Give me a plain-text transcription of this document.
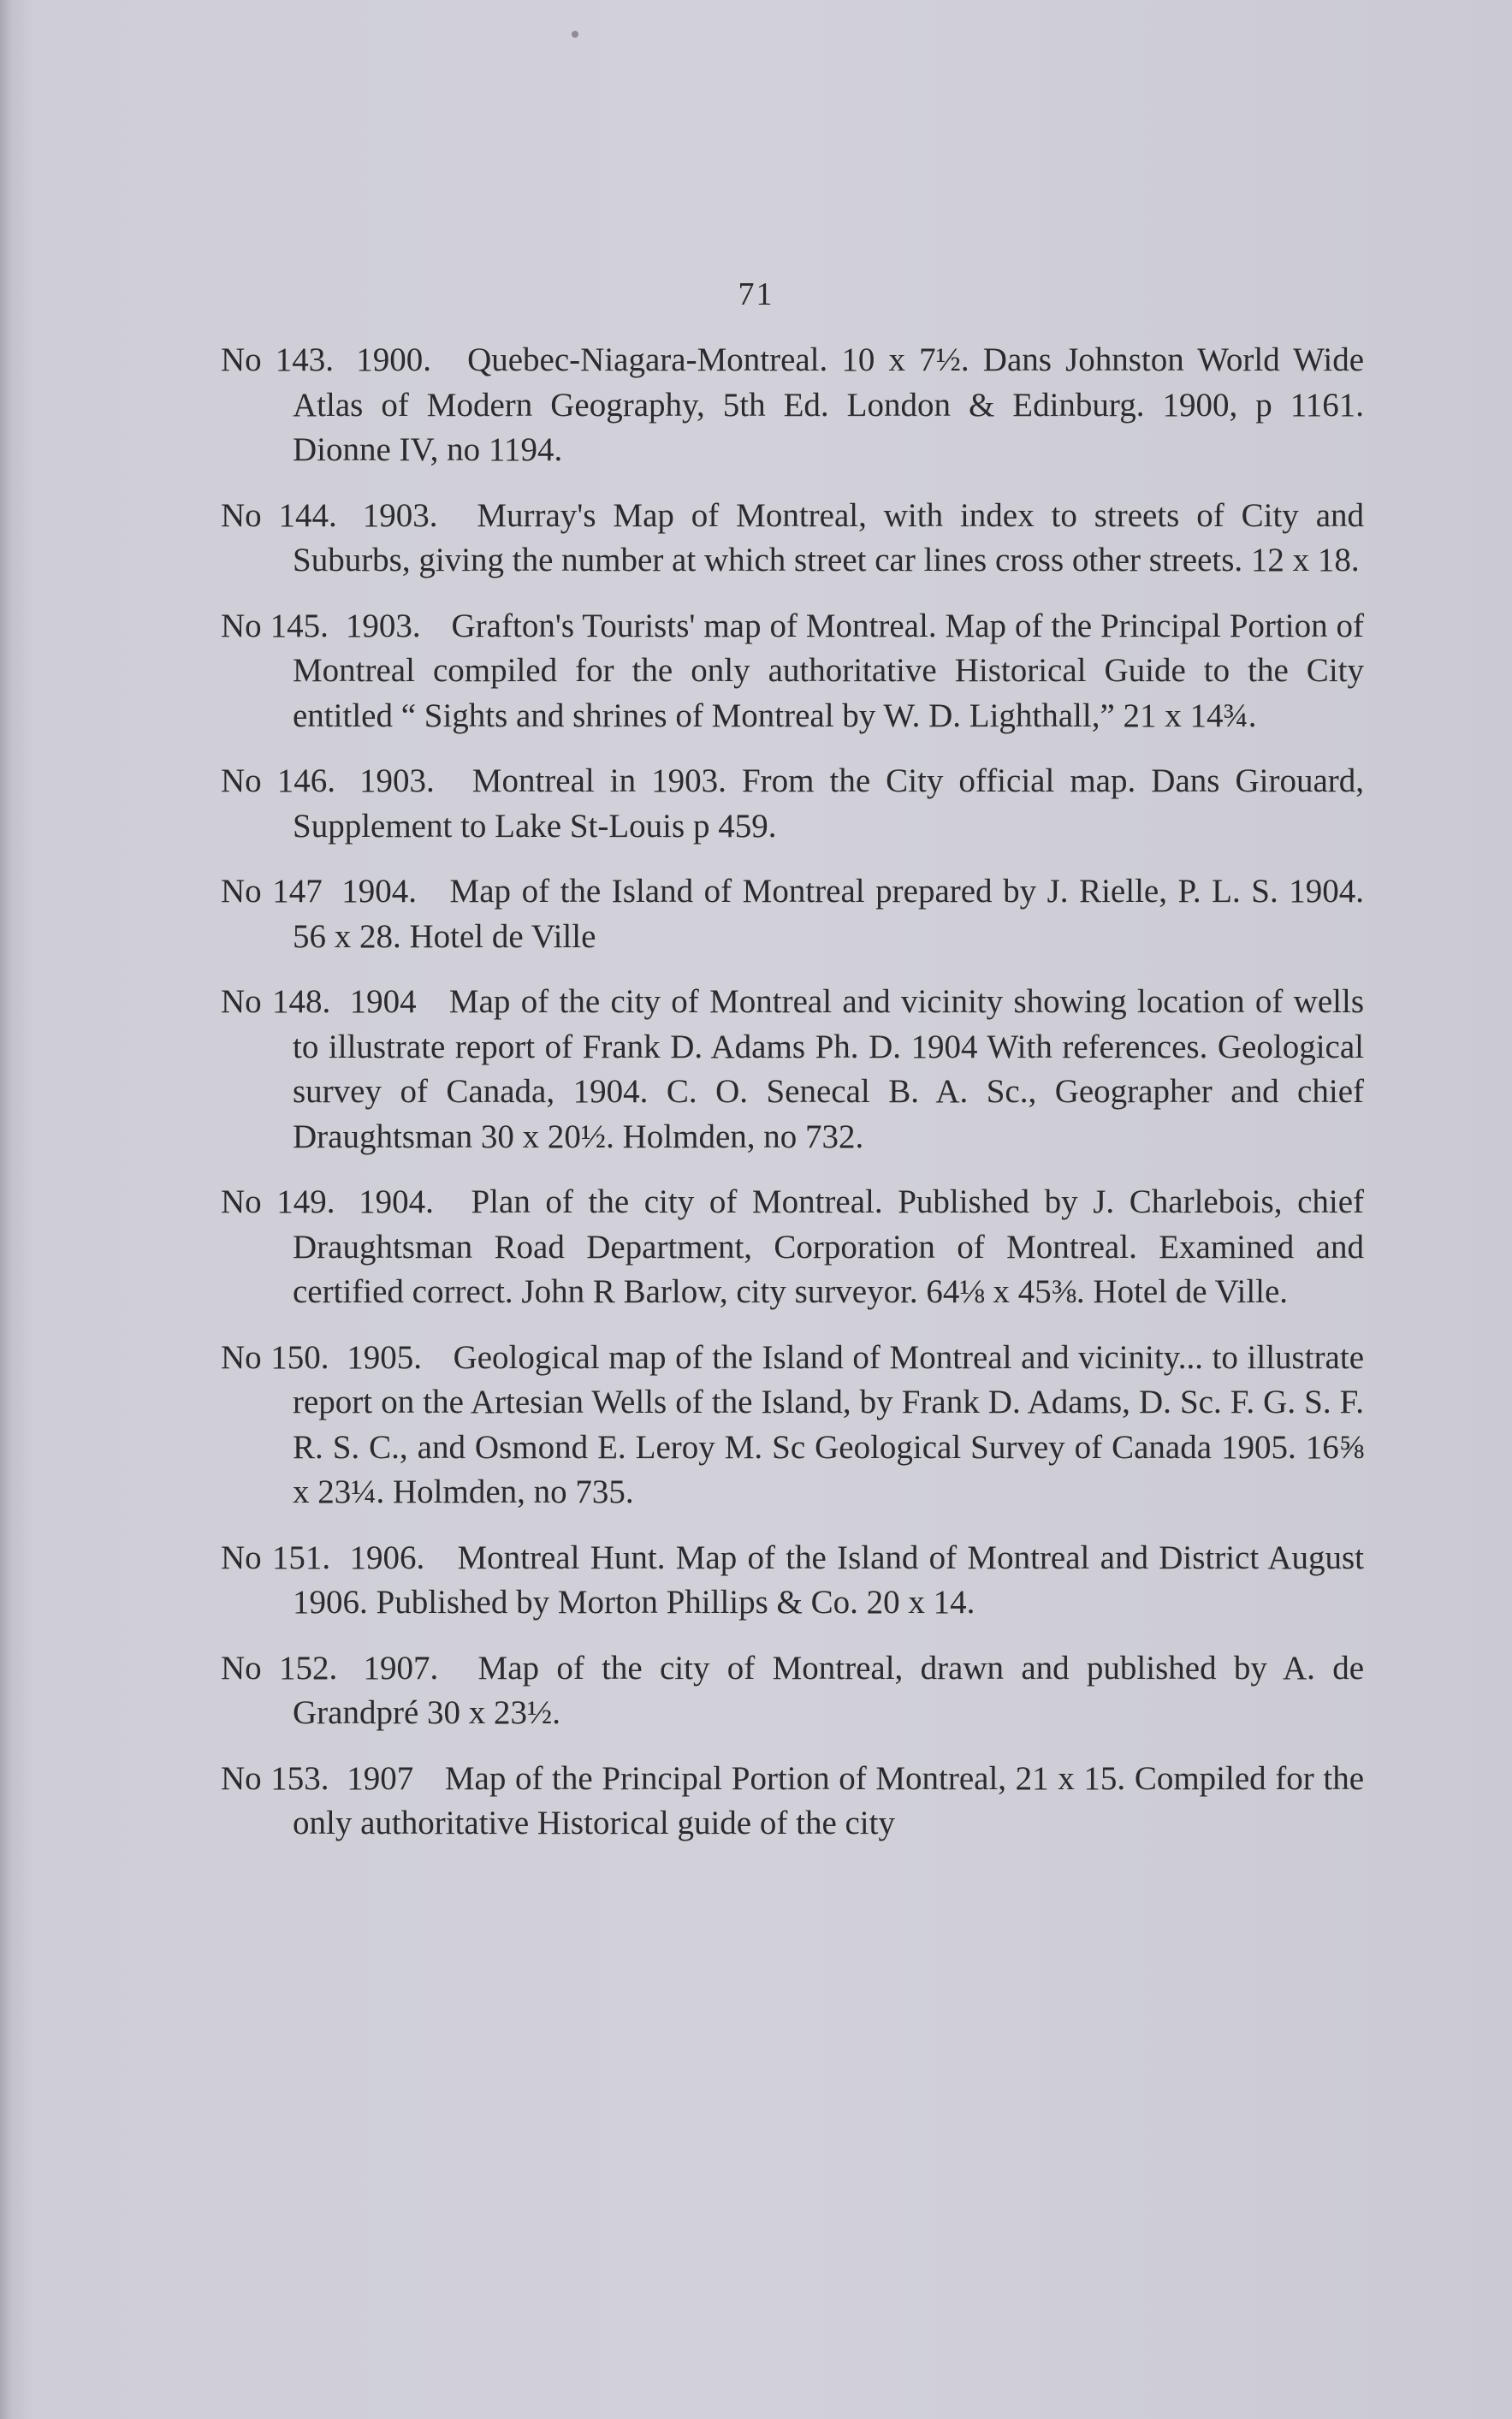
71

No 143. 1900. Quebec-Niagara-Montreal. 10 x 7½. Dans Johnston World Wide Atlas of Modern Geography, 5th Ed. London & Edinburg. 1900, p 1161. Dionne IV, no 1194.

No 144. 1903. Murray's Map of Montreal, with index to streets of City and Suburbs, giving the number at which street car lines cross other streets. 12 x 18.

No 145. 1903. Grafton's Tourists' map of Montreal. Map of the Principal Portion of Montreal compiled for the only authoritative Historical Guide to the City entitled “ Sights and shrines of Montreal by W. D. Lighthall,” 21 x 14¾.

No 146. 1903. Montreal in 1903. From the City official map. Dans Girouard, Supplement to Lake St-Louis p 459.

No 147 1904. Map of the Island of Montreal prepared by J. Rielle, P. L. S. 1904. 56 x 28. Hotel de Ville

No 148. 1904 Map of the city of Montreal and vicinity showing location of wells to illustrate report of Frank D. Adams Ph. D. 1904 With references. Geological survey of Canada, 1904. C. O. Senecal B. A. Sc., Geographer and chief Draughtsman 30 x 20½. Holmden, no 732.

No 149. 1904. Plan of the city of Montreal. Published by J. Charlebois, chief Draughtsman Road Department, Corporation of Montreal. Examined and certified correct. John R Barlow, city surveyor. 64⅛ x 45⅜. Hotel de Ville.

No 150. 1905. Geological map of the Island of Montreal and vicinity... to illustrate report on the Artesian Wells of the Island, by Frank D. Adams, D. Sc. F. G. S. F. R. S. C., and Osmond E. Leroy M. Sc Geological Survey of Canada 1905. 16⅝ x 23¼. Holmden, no 735.

No 151. 1906. Montreal Hunt. Map of the Island of Montreal and District August 1906. Published by Morton Phillips & Co. 20 x 14.

No 152. 1907. Map of the city of Montreal, drawn and published by A. de Grandpré 30 x 23½.

No 153. 1907 Map of the Principal Portion of Montreal, 21 x 15. Compiled for the only authoritative Historical guide of the city
